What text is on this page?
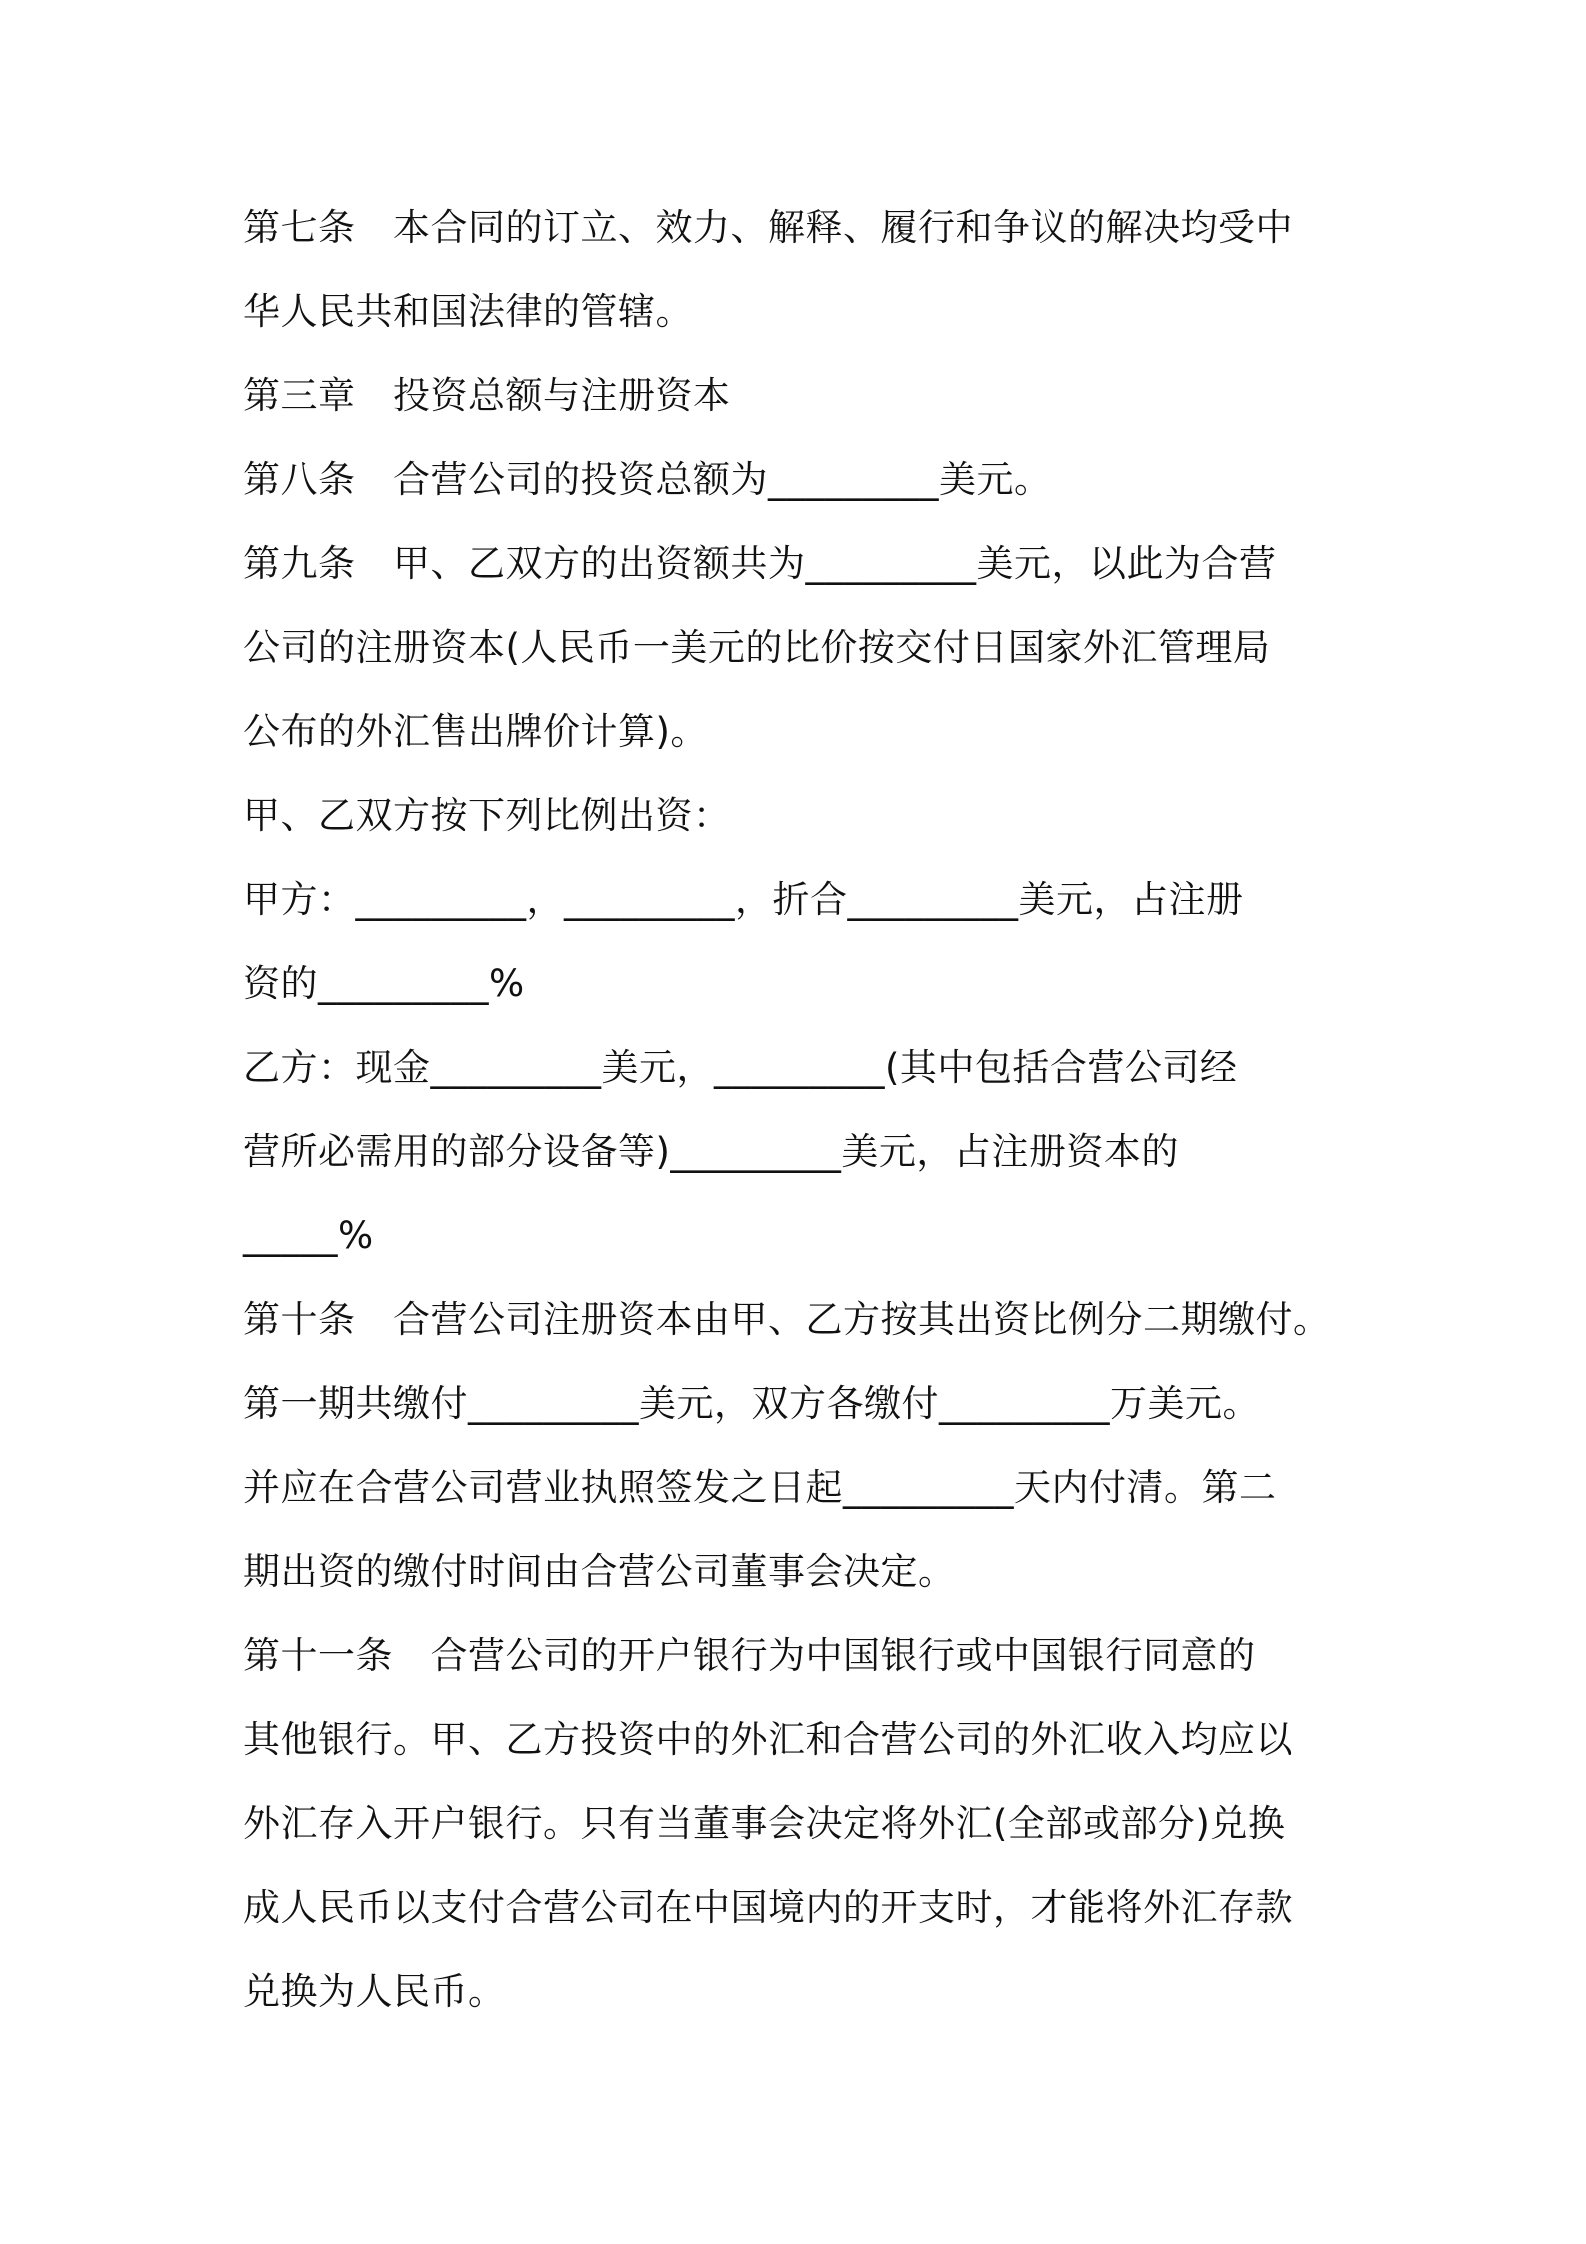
第七条　本合同的订立、效力、解释、履行和争议的解决均受中
华人民共和国法律的管辖。
第三章　投资总额与注册资本
第八条　合营公司的投资总额为_________美元。
第九条　甲、乙双方的出资额共为_________美元，以此为合营
公司的注册资本(人民币一美元的比价按交付日国家外汇管理局
公布的外汇售出牌价计算)。
甲、乙双方按下列比例出资：
甲方：_________，_________，折合_________美元，占注册
资的_________%
乙方：现金_________美元，_________(其中包括合营公司经
营所必需用的部分设备等)_________美元，占注册资本的
_____%
第十条　合营公司注册资本由甲、乙方按其出资比例分二期缴付。
第一期共缴付_________美元，双方各缴付_________万美元。
并应在合营公司营业执照签发之日起_________天内付清。第二
期出资的缴付时间由合营公司董事会决定。
第十一条　合营公司的开户银行为中国银行或中国银行同意的
其他银行。甲、乙方投资中的外汇和合营公司的外汇收入均应以
外汇存入开户银行。只有当董事会决定将外汇(全部或部分)兑换
成人民币以支付合营公司在中国境内的开支时，才能将外汇存款
兑换为人民币。
